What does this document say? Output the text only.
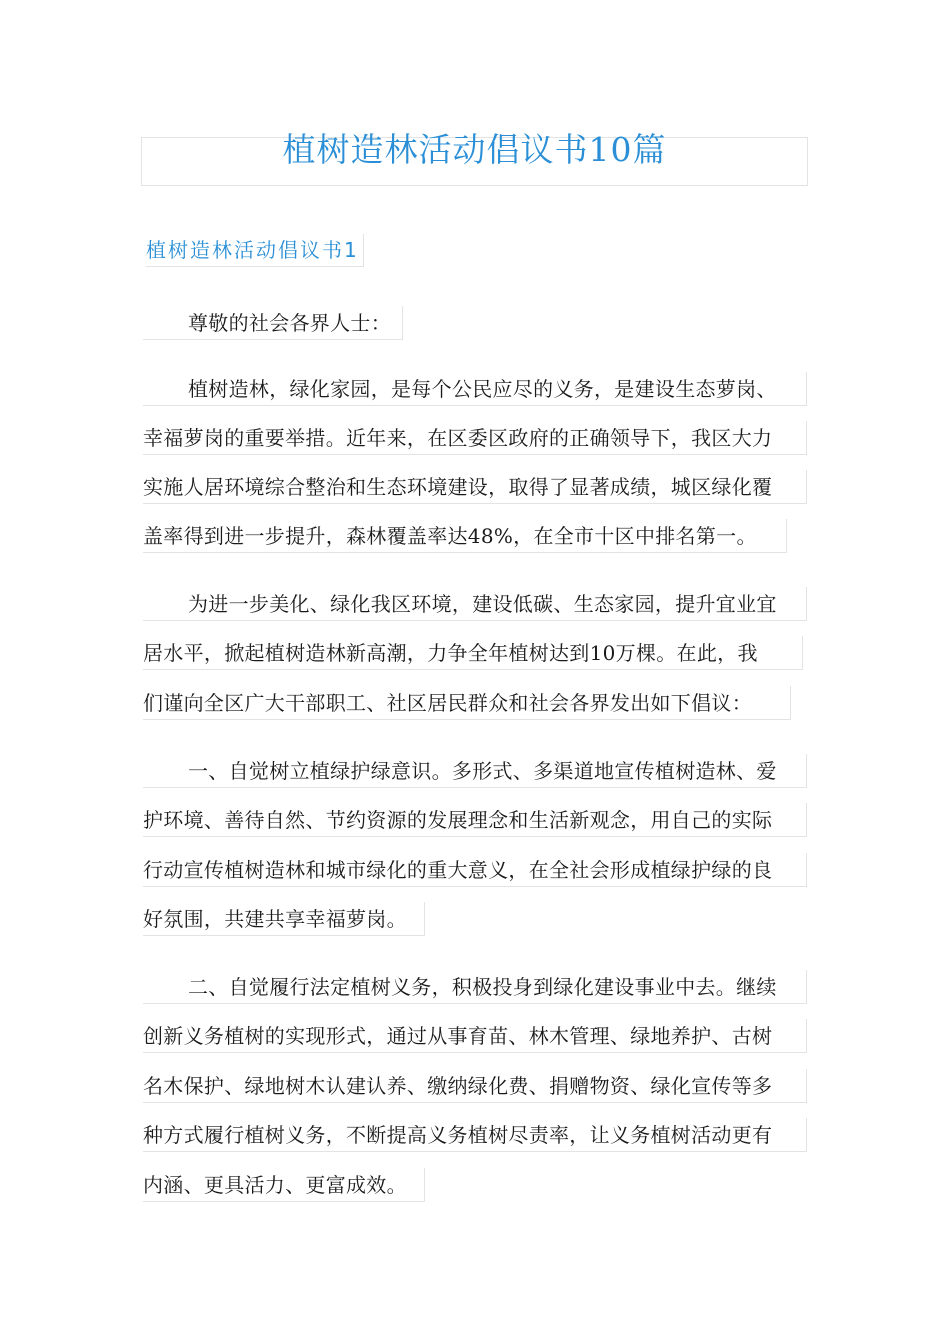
植树造林活动倡议书10篇
植树造林活动倡议书1
尊敬的社会各界人士：
植树造林，绿化家园，是每个公民应尽的义务，是建设生态萝岗、
幸福萝岗的重要举措。近年来，在区委区政府的正确领导下，我区大力
实施人居环境综合整治和生态环境建设，取得了显著成绩，城区绿化覆
盖率得到进一步提升，森林覆盖率达48%，在全市十区中排名第一。
为进一步美化、绿化我区环境，建设低碳、生态家园，提升宜业宜
居水平，掀起植树造林新高潮，力争全年植树达到10万棵。在此，我
们谨向全区广大干部职工、社区居民群众和社会各界发出如下倡议：
一、自觉树立植绿护绿意识。多形式、多渠道地宣传植树造林、爱
护环境、善待自然、节约资源的发展理念和生活新观念，用自己的实际
行动宣传植树造林和城市绿化的重大意义，在全社会形成植绿护绿的良
好氛围，共建共享幸福萝岗。
二、自觉履行法定植树义务，积极投身到绿化建设事业中去。继续
创新义务植树的实现形式，通过从事育苗、林木管理、绿地养护、古树
名木保护、绿地树木认建认养、缴纳绿化费、捐赠物资、绿化宣传等多
种方式履行植树义务，不断提高义务植树尽责率，让义务植树活动更有
内涵、更具活力、更富成效。
